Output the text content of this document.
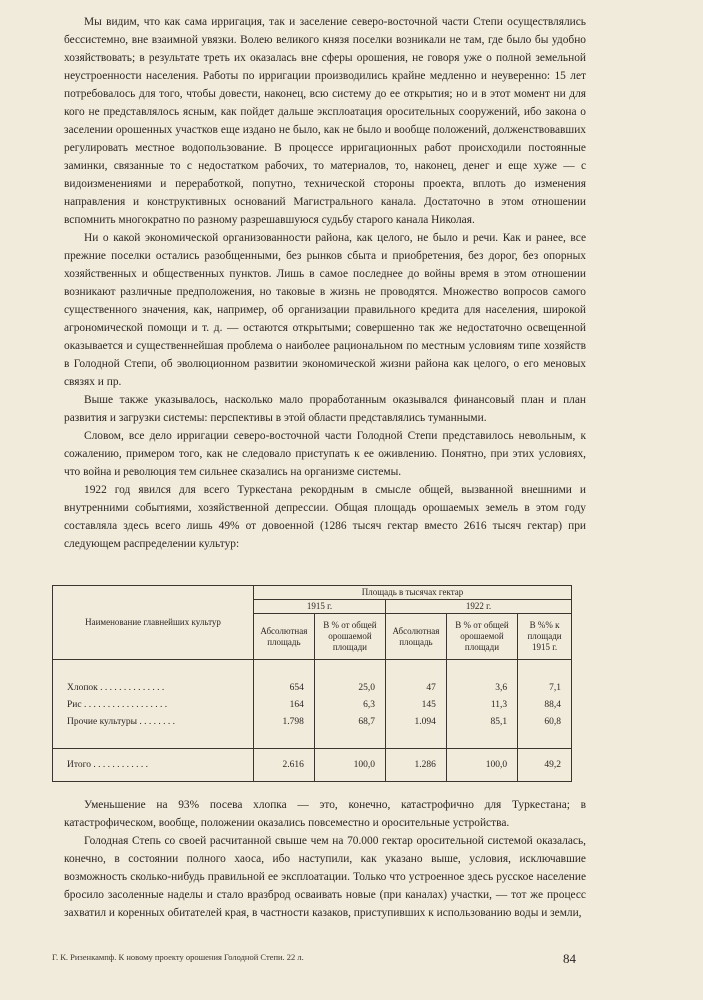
Мы видим, что как сама ирригация, так и заселение северо-восточной части Степи осуществлялись бессистемно, вне взаимной увязки. Волею великого князя поселки возникали не там, где было бы удобно хозяйствовать; в результате треть их оказалась вне сферы орошения, не говоря уже о полной земельной неустроенности населения. Работы по ирригации производились крайне медленно и неуверенно: 15 лет потребовалось для того, чтобы довести, наконец, всю систему до ее открытия; но и в этот момент ни для кого не представлялось ясным, как пойдет дальше эксплоатация оросительных сооружений, ибо закона о заселении орошенных участков еще издано не было, как не было и вообще положений, долженствовавших регулировать местное водопользование. В процессе ирригационных работ происходили постоянные заминки, связанные то с недостатком рабочих, то материалов, то, наконец, денег и еще хуже — с видоизменениями и переработкой, попутно, технической стороны проекта, вплоть до изменения направления и конструктивных оснований Магистрального канала. Достаточно в этом отношении вспомнить многократно по разному разрешавшуюся судьбу старого канала Николая.

Ни о какой экономической организованности района, как целого, не было и речи. Как и ранее, все прежние поселки остались разобщенными, без рынков сбыта и приобретения, без дорог, без опорных хозяйственных и общественных пунктов. Лишь в самое последнее до войны время в этом отношении возникают различные предположения, но таковые в жизнь не проводятся. Множество вопросов самого существенного значения, как, например, об организации правильного кредита для населения, широкой агрономической помощи и т. д. — остаются открытыми; совершенно так же недостаточно освещенной оказывается и существеннейшая проблема о наиболее рациональном по местным условиям типе хозяйств в Голодной Степи, об эволюционном развитии экономической жизни района как целого, о его меновых связях и пр.

Выше также указывалось, насколько мало проработанным оказывался финансовый план и план развития и загрузки системы: перспективы в этой области представлялись туманными.

Словом, все дело ирригации северо-восточной части Голодной Степи представилось невольным, к сожалению, примером того, как не следовало приступать к ее оживлению. Понятно, при этих условиях, что война и революция тем сильнее сказались на организме системы.

1922 год явился для всего Туркестана рекордным в смысле общей, вызванной внешними и внутренними событиями, хозяйственной депрессии. Общая площадь орошаемых земель в этом году составляла здесь всего лишь 49% от довоенной (1286 тысяч гектар вместо 2616 тысяч гектар) при следующем распределении культур:

Наименование главнейших культур	Площадь в тысячах гектар				
	1915 г.		1922 г.		
	Абсолютная площадь	В % от общей орошаемой площади	Абсолютная площадь	В % от общей орошаемой площади	В %% к площади 1915 г.

Хлопок . . . . . . . . . . . . . .	654	25,0	47	3,6	7,1
Рис . . . . . . . . . . . . . . . . . .	164	6,3	145	11,3	88,4
Прочие культуры . . . . . . . .	1.798	68,7	1.094	85,1	60,8

Итого . . . . . . . . . . . .	2.616	100,0	1.286	100,0	49,2

Уменьшение на 93% посева хлопка — это, конечно, катастрофично для Туркестана; в катастрофическом, вообще, положении оказались повсеместно и оросительные устройства.

Голодная Степь со своей расчитанной свыше чем на 70.000 гектар оросительной системой оказалась, конечно, в состоянии полного хаоса, ибо наступили, как указано выше, условия, исключавшие возможность сколько-нибудь правильной ее эксплоатации. Только что устроенное здесь русское население бросило засоленные наделы и стало вразброд осваивать новые (при каналах) участки, — тот же процесс захватил и коренных обитателей края, в частности казаков, приступивших к использованию воды и земли,

Г. К. Ризенкампф. К новому проекту орошения Голодной Степи. 22 л.	84
